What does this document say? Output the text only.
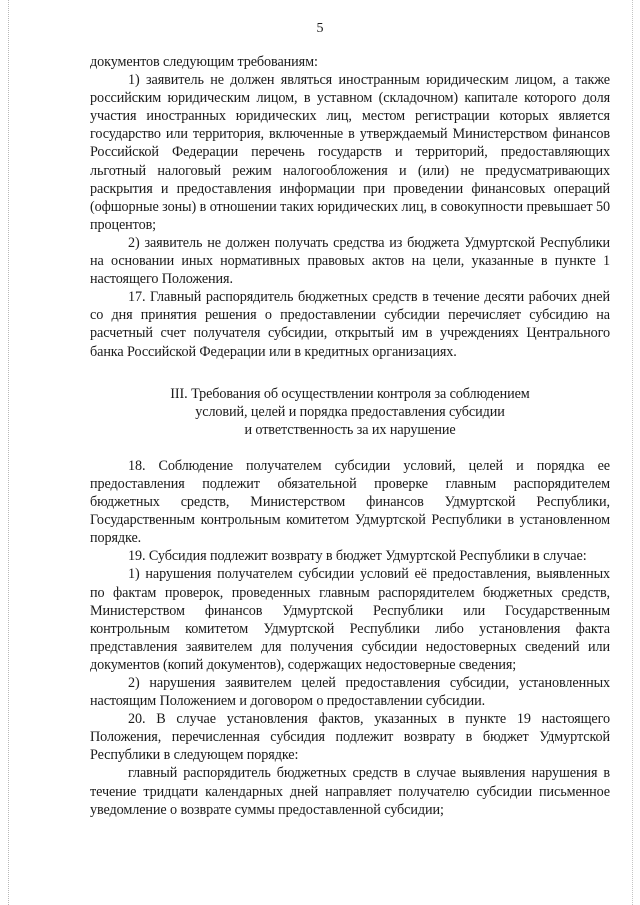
5

документов следующим требованиям:

1) заявитель не должен являться иностранным юридическим лицом, а также российским юридическим лицом, в уставном (складочном) капитале которого доля участия иностранных юридических лиц, местом регистрации которых является государство или территория, включенные в утверждаемый Министерством финансов Российской Федерации перечень государств и территорий, предоставляющих льготный налоговый режим налогообложения и (или) не предусматривающих раскрытия и предоставления информации при проведении финансовых операций (офшорные зоны) в отношении таких юридических лиц, в совокупности превышает 50 процентов;

2) заявитель не должен получать средства из бюджета Удмуртской Республики на основании иных нормативных правовых актов на цели, указанные в пункте 1 настоящего Положения.

17. Главный распорядитель бюджетных средств в течение десяти рабочих дней со дня принятия решения о предоставлении субсидии перечисляет субсидию на расчетный счет получателя субсидии, открытый им в учреждениях Центрального банка Российской Федерации или в кредитных организациях.

III. Требования об осуществлении контроля за соблюдением
условий, целей и порядка предоставления субсидии
и ответственность за их нарушение

18. Соблюдение получателем субсидии условий, целей и порядка ее предоставления подлежит обязательной проверке главным распорядителем бюджетных средств, Министерством финансов Удмуртской Республики, Государственным контрольным комитетом Удмуртской Республики в установленном порядке.

19. Субсидия подлежит возврату в бюджет Удмуртской Республики в случае:

1) нарушения получателем субсидии условий её предоставления, выявленных по фактам проверок, проведенных главным распорядителем бюджетных средств, Министерством финансов Удмуртской Республики или Государственным контрольным комитетом Удмуртской Республики либо установления факта представления заявителем для получения субсидии недостоверных сведений или документов (копий документов), содержащих недостоверные сведения;

2) нарушения заявителем целей предоставления субсидии, установленных настоящим Положением и договором о предоставлении субсидии.

20. В случае установления фактов, указанных в пункте 19 настоящего Положения, перечисленная субсидия подлежит возврату в бюджет Удмуртской Республики в следующем порядке:

главный распорядитель бюджетных средств в случае выявления нарушения в течение тридцати календарных дней направляет получателю субсидии письменное уведомление о возврате суммы предоставленной субсидии;
